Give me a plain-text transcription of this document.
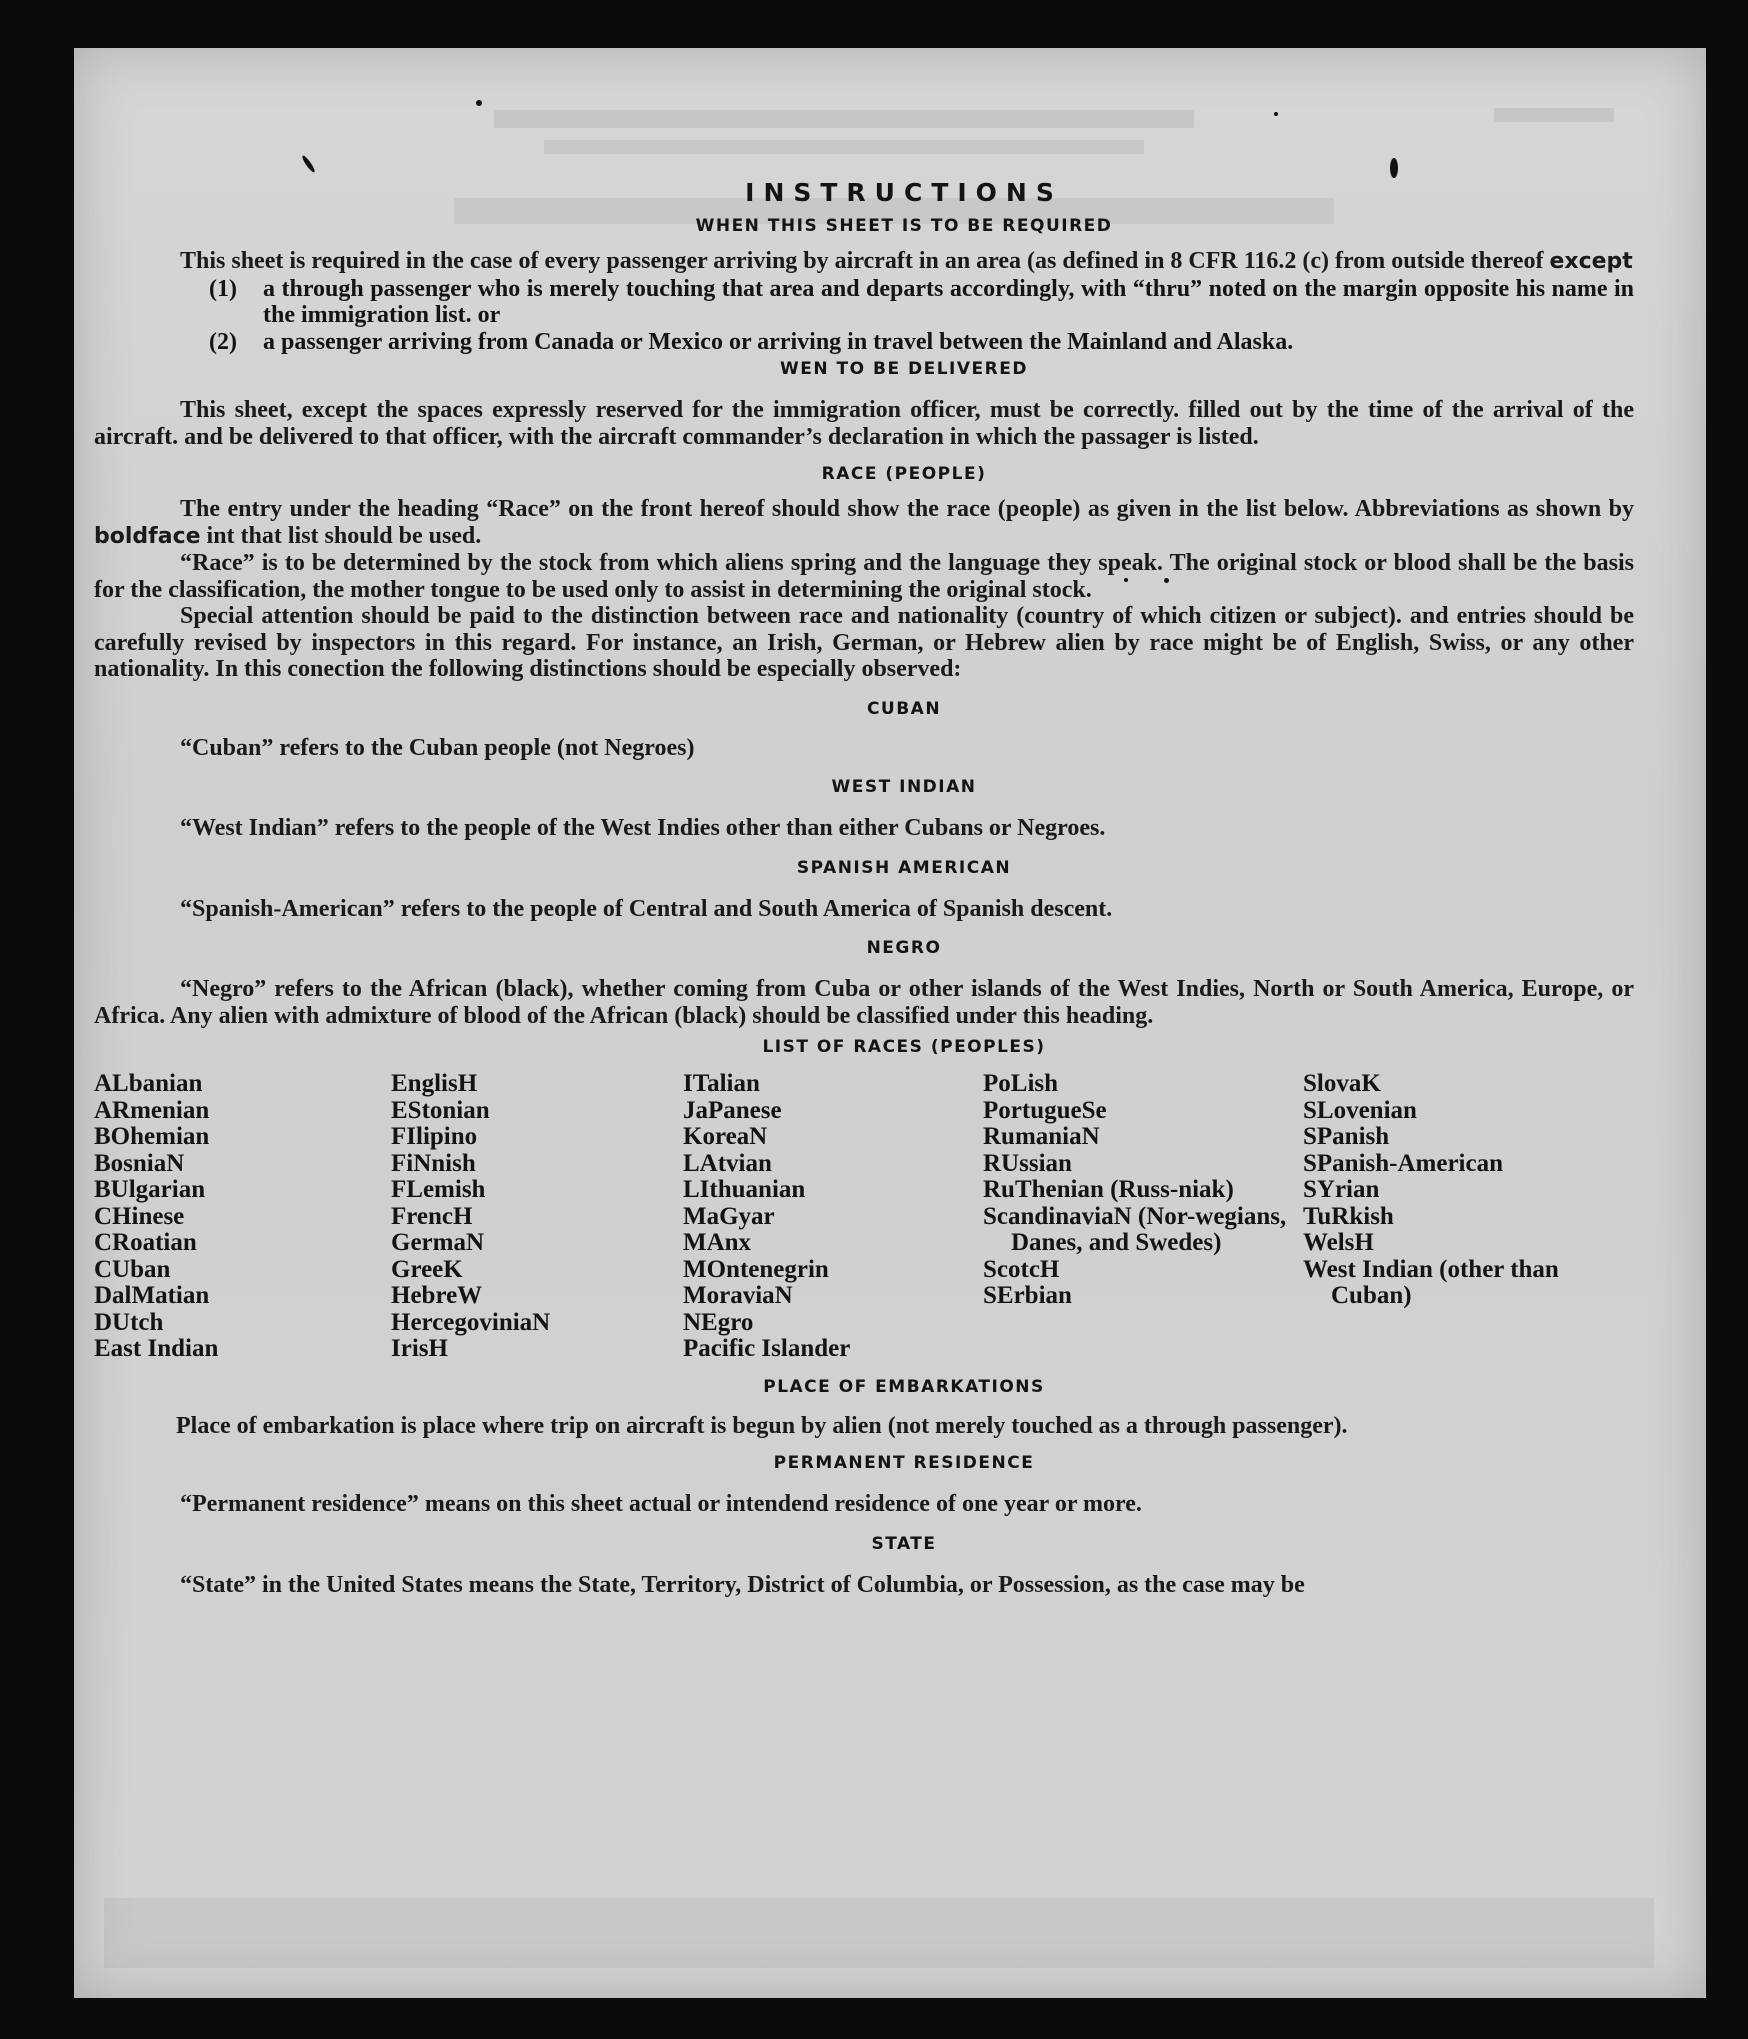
INSTRUCTIONS
WHEN THIS SHEET IS TO BE REQUIRED

This sheet is required in the case of every passenger arriving by aircraft in an area (as defined in 8 CFR 116.2 (c) from outside thereof except

(1)	a through passenger who is merely touching that area and departs accordingly, with “thru” noted on the margin opposite his name in the immigration list. or
(2)	a passenger arriving from Canada or Mexico or arriving in travel between the Mainland and Alaska.
WEN TO BE DELIVERED

This sheet, except the spaces expressly reserved for the immigration officer, must be correctly. filled out by the time of the arrival of the aircraft. and be delivered to that officer, with the aircraft commander’s declaration in which the passager is listed.

RACE (PEOPLE)

The entry under the heading “Race” on the front hereof should show the race (people) as given in the list below. Abbreviations as shown by boldface int that list should be used.

“Race” is to be determined by the stock from which aliens spring and the language they speak. The original stock or blood shall be the basis for the classification, the mother tongue to be used only to assist in determining the original stock.

Special attention should be paid to the distinction between race and nationality (country of which citizen or subject). and entries should be carefully revised by inspectors in this regard. For instance, an Irish, German, or Hebrew alien by race might be of English, Swiss, or any other nationality. In this conection the following distinctions should be especially observed:

CUBAN

“Cuban” refers to the Cuban people (not Negroes)

WEST INDIAN

“West Indian” refers to the people of the West Indies other than either Cubans or Negroes.

SPANISH AMERICAN

“Spanish-American” refers to the people of Central and South America of Spanish descent.

NEGRO

“Negro” refers to the African (black), whether coming from Cuba or other islands of the West Indies, North or South America, Europe, or Africa. Any alien with admixture of blood of the African (black) should be classified under this heading.

LIST OF RACES (PEOPLES)
ALbanian
ARmenian
BOhemian
BosniaN
BUlgarian
CHinese
CRoatian
CUban
DalMatian
DUtch
East Indian
EnglisH
EStonian
FIlipino
FiNnish
FLemish
FrencH
GermaN
GreeK
HebreW
HercegoviniaN
IrisH
ITalian
JaPanese
KoreaN
LAtvian
LIthuanian
MaGyar
MAnx
MOntenegrin
MoraviaN
NEgro
Pacific Islander
PoLish
PortugueSe
RumaniaN
RUssian
RuThenian (Russ-niak)
ScandinaviaN (Nor-wegians, Danes, and Swedes)
ScotcH
SErbian
SlovaK
SLovenian
SPanish
SPanish-American
SYrian
TuRkish
WelsH
West Indian (other than Cuban)
PLACE OF EMBARKATIONS

Place of embarkation is place where trip on aircraft is begun by alien (not merely touched as a through passenger).

PERMANENT RESIDENCE

“Permanent residence” means on this sheet actual or intendend residence of one year or more.

STATE

“State” in the United States means the State, Territory, District of Columbia, or Possession, as the case may be
